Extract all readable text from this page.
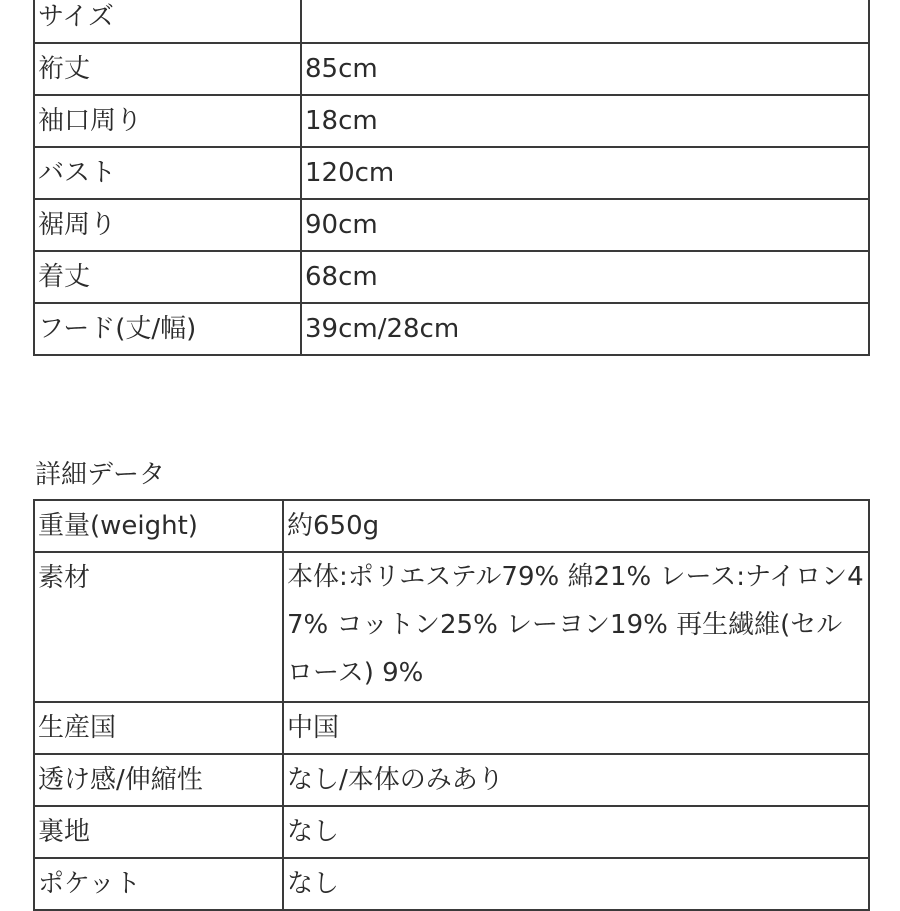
サイズ	
裄丈	85cm
袖口周り	18cm
バスト	120cm
裾周り	90cm
着丈	68cm
フード(丈/幅)	39cm/28cm
詳細データ
重量(weight)	約650g
素材	本体:ポリエステル79% 綿21% レース:ナイロン47% コットン25% レーヨン19% 再生繊維(セルロース) 9%
生産国	中国
透け感/伸縮性	なし/本体のみあり
裏地	なし
ポケット	なし
